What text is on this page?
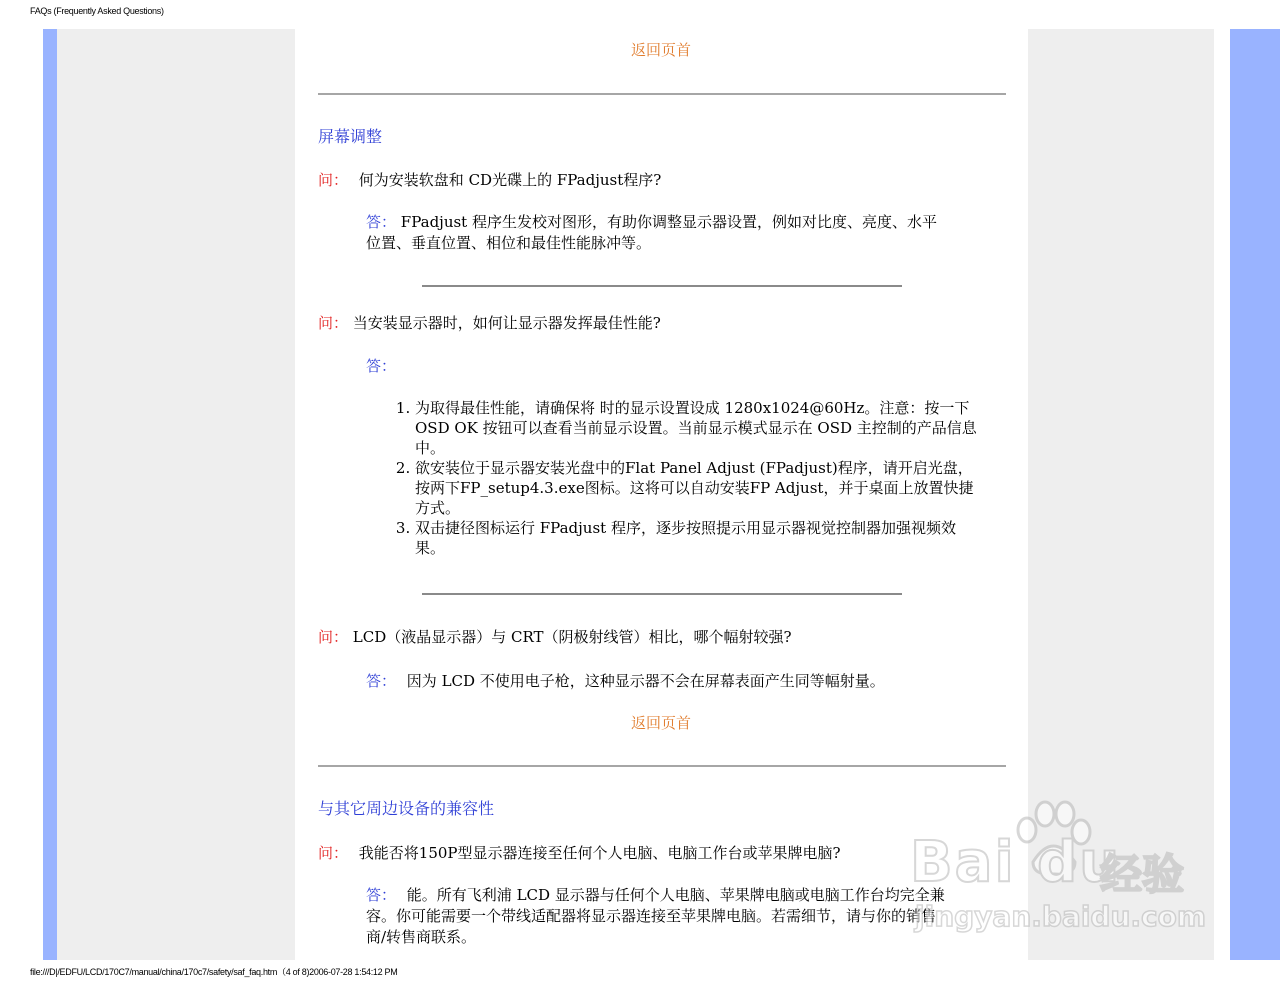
FAQs (Frequently Asked Questions)
返回页首
屏幕调整
问： 何为安装软盘和 CD光碟上的 FPadjust程序?
答： FPadjust 程序生发校对图形，有助你调整显示器设置，例如对比度、亮度、水平位置、垂直位置、相位和最佳性能脉冲等。
问： 当安装显示器时，如何让显示器发挥最佳性能?
答：
1. 为取得最佳性能，请确保将 时的显示设置设成 1280x1024@60Hz。注意：按一下 OSD OK 按钮可以查看当前显示设置。当前显示模式显示在 OSD 主控制的产品信息中。
2. 欲安装位于显示器安装光盘中的Flat Panel Adjust (FPadjust)程序，请开启光盘，按两下FP_setup4.3.exe图标。这将可以自动安装FP Adjust，并于桌面上放置快捷方式。
3. 双击捷径图标运行 FPadjust 程序，逐步按照提示用显示器视觉控制器加强视频效果。
问： LCD（液晶显示器）与 CRT（阴极射线管）相比，哪个幅射较强?
答： 因为 LCD 不使用电子枪，这种显示器不会在屏幕表面产生同等幅射量。
返回页首
与其它周边设备的兼容性
问： 我能否将150P型显示器连接至任何个人电脑、电脑工作台或苹果牌电脑?
答： 能。所有飞利浦 LCD 显示器与任何个人电脑、苹果牌电脑或电脑工作台均完全兼容。你可能需要一个带线适配器将显示器连接至苹果牌电脑。若需细节，请与你的销售商/转售商联系。
Bai du
经验
jingyan.baidu.com
file:///D|/EDFU/LCD/170C7/manual/china/170c7/safety/saf_faq.htm（4 of 8)2006-07-28 1:54:12 PM
